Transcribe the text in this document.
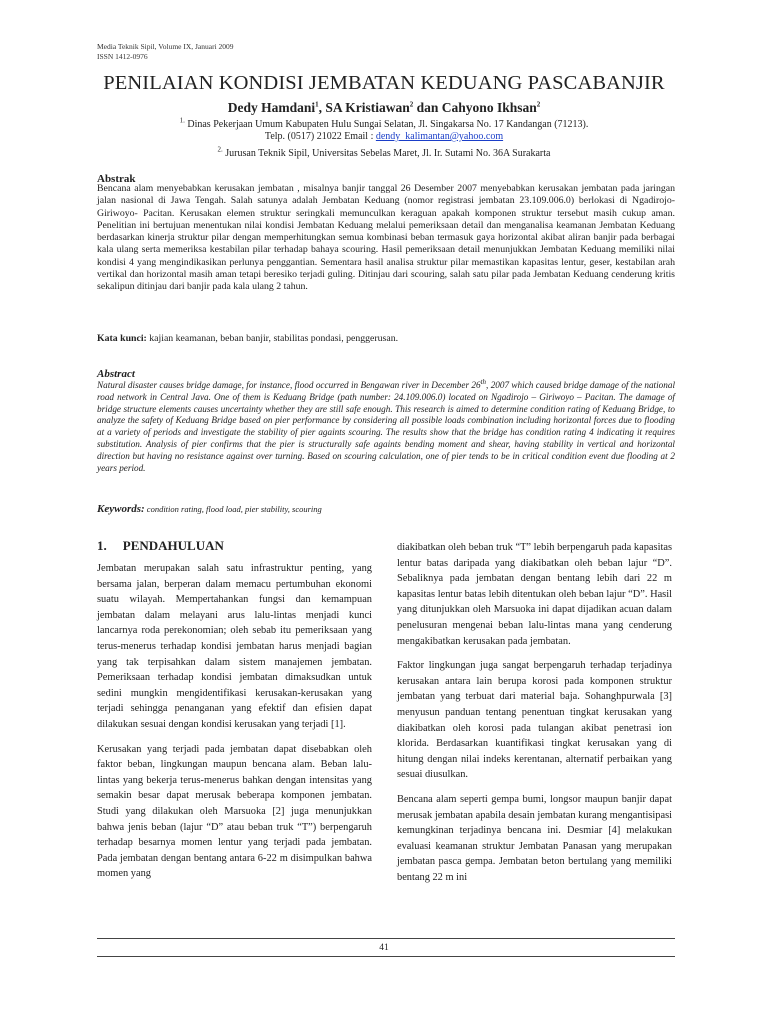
Media Teknik Sipil, Volume IX, Januari 2009
ISSN 1412-0976
PENILAIAN KONDISI JEMBATAN KEDUANG PASCABANJIR
Dedy Hamdani$^1$, SA Kristiawan$^2$ dan Cahyono Ikhsan$^2$
$^{1.}$ Dinas Pekerjaan Umum Kabupaten Hulu Sungai Selatan, Jl. Singakarsa No. 17 Kandangan (71213).
Telp. (0517) 21022 Email : dendy_kalimantan@yahoo.com
$^{2.}$ Jurusan Teknik Sipil, Universitas Sebelas Maret, Jl. Ir. Sutami No. 36A Surakarta
Abstrak

Bencana alam menyebabkan kerusakan jembatan , misalnya banjir tanggal 26 Desember 2007 menyebabkan kerusakan jembatan pada jaringan jalan nasional di Jawa Tengah. Salah satunya adalah Jembatan Keduang (nomor registrasi jembatan 23.109.006.0) berlokasi di Ngadirojo-Giriwoyo- Pacitan. Kerusakan elemen struktur seringkali memunculkan keraguan apakah komponen struktur tersebut masih cukup aman. Penelitian ini bertujuan menentukan nilai kondisi Jembatan Keduang melalui pemeriksaan detail dan menganalisa keamanan Jembatan Keduang berdasarkan kinerja struktur pilar dengan memperhitungkan semua kombinasi beban termasuk gaya horizontal akibat aliran banjir pada berbagai kala ulang serta memeriksa kestabilan pilar terhadap bahaya scouring. Hasil pemeriksaan detail menunjukkan Jembatan Keduang memiliki nilai kondisi 4 yang mengindikasikan perlunya penggantian. Sementara hasil analisa struktur pilar memastikan kapasitas lentur, geser, kestabilan arah vertikal dan horizontal masih aman tetapi beresiko terjadi guling. Ditinjau dari scouring, salah satu pilar pada Jembatan Keduang cenderung kritis sekalipun ditinjau dari banjir pada kala ulang 2 tahun.

Kata kunci: kajian keamanan, beban banjir, stabilitas pondasi, penggerusan.
Abstract

Natural disaster causes bridge damage, for instance, flood occurred in Bengawan river in December 26th, 2007 which caused bridge damage of the national road network in Central Java. One of them is Keduang Bridge (path number: 24.109.006.0) located on Ngadirojo – Giriwoyo – Pacitan. The damage of bridge structure elements causes uncertainty whether they are still safe enough. This research is aimed to determine condition rating of Keduang Bridge, to analyze the safety of Keduang Bridge based on pier performance by considering all possible loads combination including horizontal forces due to flooding at a variety of periods and investigate the stability of pier againts scouring. The results show that the bridge has condition rating 4 indicating it requires substitution. Analysis of pier confirms that the pier is structurally safe againts bending moment and shear, having stability in vertical and horizontal direction but having no resistance against over turning. Based on scouring calculation, one of pier tends to be in critical condition event due flooding at 2 years period.

Keywords: condition rating, flood load, pier stability, scouring
1. PENDAHULUAN

Jembatan merupakan salah satu infrastruktur penting, yang bersama jalan, berperan dalam memacu pertumbuhan ekonomi suatu wilayah. Mempertahankan fungsi dan kemampuan jembatan dalam melayani arus lalu-lintas menjadi kunci lancarnya roda perekonomian; oleh sebab itu pemeriksaan yang terus-menerus terhadap kondisi jembatan harus menjadi bagian yang tak terpisahkan dalam sistem manajemen jembatan. Pemeriksaan terhadap kondisi jembatan dimaksudkan untuk sedini mungkin mengidentifikasi kerusakan-kerusakan yang terjadi sehingga penanganan yang efektif dan efisien dapat dilakukan sesuai dengan kondisi kerusakan yang terjadi [1].

Kerusakan yang terjadi pada jembatan dapat disebabkan oleh faktor beban, lingkungan maupun bencana alam. Beban lalu-lintas yang bekerja terus-menerus bahkan dengan intensitas yang semakin besar dapat merusak beberapa komponen jembatan. Studi yang dilakukan oleh Marsuoka [2] juga menunjukkan bahwa jenis beban (lajur “D” atau beban truk “T”) berpengaruh terhadap besarnya momen lentur yang terjadi pada jembatan. Pada jembatan dengan bentang antara 6-22 m disimpulkan bahwa momen yang

diakibatkan oleh beban truk “T” lebih berpengaruh pada kapasitas lentur batas daripada yang diakibatkan oleh beban lajur “D”. Sebaliknya pada jembatan dengan bentang lebih dari 22 m kapasitas lentur batas lebih ditentukan oleh beban lajur “D”. Hasil yang ditunjukkan oleh Marsuoka ini dapat dijadikan acuan dalam penelusuran mengenai beban lalu-lintas mana yang cenderung mengakibatkan kerusakan pada jembatan.

Faktor lingkungan juga sangat berpengaruh terhadap terjadinya kerusakan antara lain berupa korosi pada komponen struktur jembatan yang terbuat dari material baja. Sohanghpurwala [3] menyusun panduan tentang penentuan tingkat kerusakan yang diakibatkan oleh korosi pada tulangan akibat penetrasi ion klorida. Berdasarkan kuantifikasi tingkat kerusakan yang di hitung dengan nilai indeks kerentanan, alternatif perbaikan yang sesuai diusulkan.

Bencana alam seperti gempa bumi, longsor maupun banjir dapat merusak jembatan apabila desain jembatan kurang mengantisipasi kemungkinan terjadinya bencana ini. Desmiar [4] melakukan evaluasi keamanan struktur Jembatan Panasan yang merupakan jembatan pasca gempa. Jembatan beton bertulang yang memiliki bentang 22 m ini

41
